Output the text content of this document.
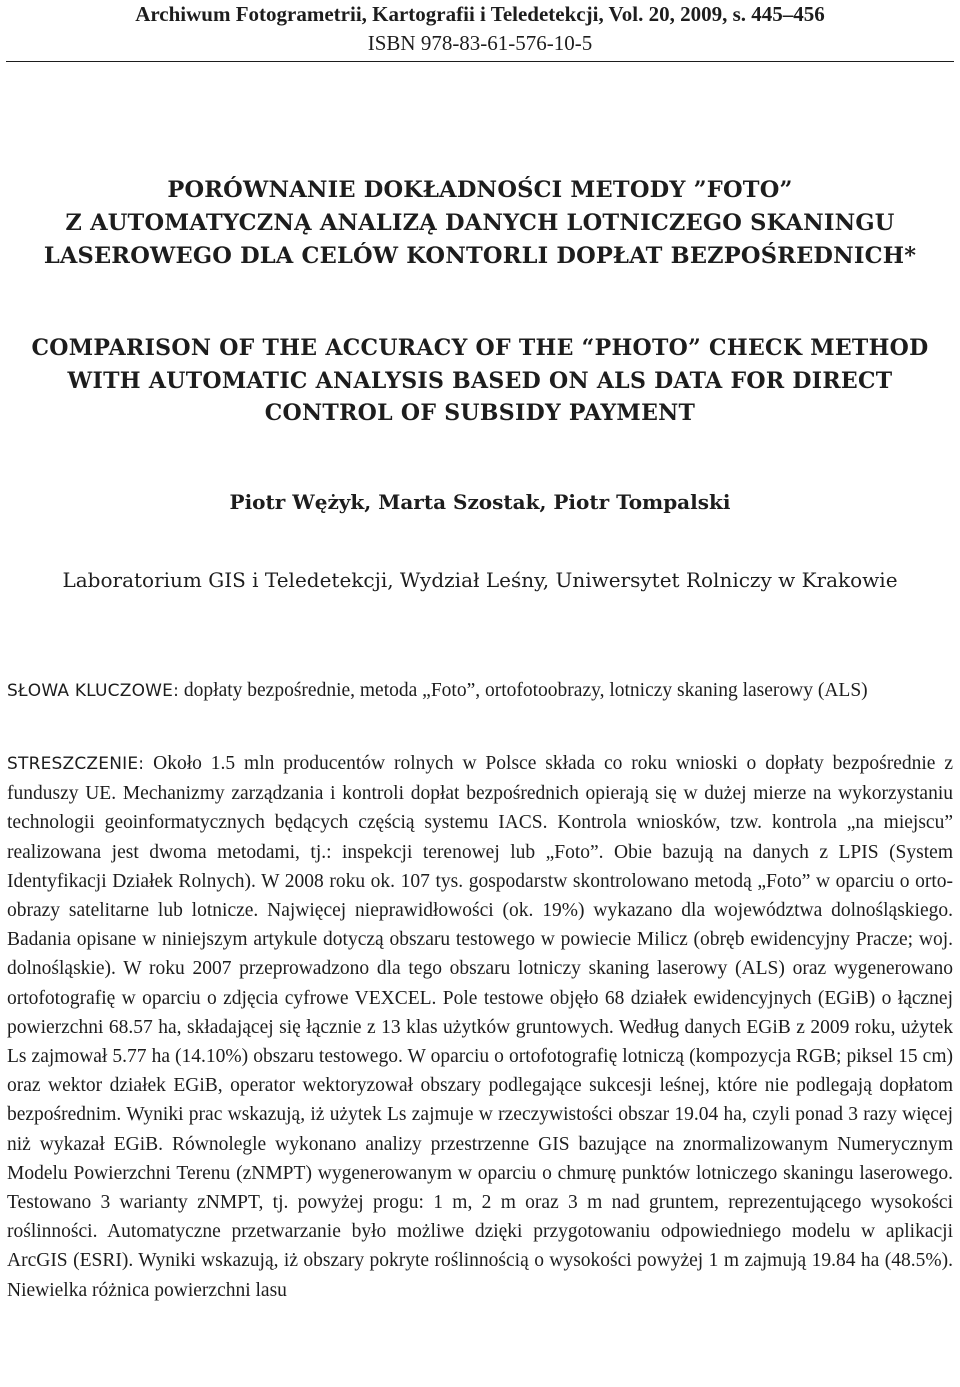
Archiwum Fotogrametrii, Kartografii i Teledetekcji, Vol. 20, 2009, s. 445–456
ISBN 978-83-61-576-10-5
PORÓWNANIE DOKŁADNOŚCI METODY ”FOTO”
Z AUTOMATYCZNĄ ANALIZĄ DANYCH LOTNICZEGO SKANINGU
LASEROWEGO DLA CELÓW KONTORLI DOPŁAT BEZPOŚREDNICH*
COMPARISON OF THE ACCURACY OF THE “PHOTO” CHECK METHOD
WITH AUTOMATIC ANALYSIS BASED ON ALS DATA FOR DIRECT
CONTROL OF SUBSIDY PAYMENT
Piotr Wężyk, Marta Szostak, Piotr Tompalski
Laboratorium GIS i Teledetekcji, Wydział Leśny, Uniwersytet Rolniczy w Krakowie
SŁOWA KLUCZOWE: dopłaty bezpośrednie, metoda „Foto”, ortofotoobrazy, lotniczy skaning laserowy (ALS)
STRESZCZENIE: Około 1.5 mln producentów rolnych w Polsce składa co roku wnioski o dopłaty bezpośrednie z funduszy UE. Mechanizmy zarządzania i kontroli dopłat bezpośrednich opierają się w dużej mierze na wykorzystaniu technologii geoinformatycznych będących częścią systemu IACS. Kontrola wniosków, tzw. kontrola „na miejscu” realizowana jest dwoma metodami, tj.: inspekcji terenowej lub „Foto”. Obie bazują na danych z LPIS (System Identyfikacji Działek Rolnych). W 2008 roku ok. 107 tys. gospodarstw skontrolowano metodą „Foto” w oparciu o ortoobrazy satelitarne lub lotnicze. Najwięcej nieprawidłowości (ok. 19%) wykazano dla województwa dolnośląskiego. Badania opisane w niniejszym artykule dotyczą obszaru testowego w powiecie Milicz (obręb ewidencyjny Pracze; woj. dolnośląskie). W roku 2007 przeprowadzono dla tego obszaru lotniczy skaning laserowy (ALS) oraz wygenerowano ortofotografię w oparciu o zdjęcia cyfrowe VEXCEL. Pole testowe objęło 68 działek ewidencyjnych (EGiB) o łącznej powierzchni 68.57 ha, składającej się łącznie z 13 klas użytków gruntowych. Według danych EGiB z 2009 roku, użytek Ls zajmował 5.77 ha (14.10%) obszaru testowego. W oparciu o ortofotografię lotniczą (kompozycja RGB; piksel 15 cm) oraz wektor działek EGiB, operator wektoryzował obszary podlegające sukcesji leśnej, które nie podlegają dopłatom bezpośrednim. Wyniki prac wskazują, iż użytek Ls zajmuje w rzeczywistości obszar 19.04 ha, czyli ponad 3 razy więcej niż wykazał EGiB. Równolegle wykonano analizy przestrzenne GIS bazujące na znormalizowanym Numerycznym Modelu Powierzchni Terenu (zNMPT) wygenerowanym w oparciu o chmurę punktów lotniczego skaningu laserowego. Testowano 3 warianty zNMPT, tj. powyżej progu: 1 m, 2 m oraz 3 m nad gruntem, reprezentującego wysokości roślinności. Automatyczne przetwarzanie było możliwe dzięki przygotowaniu odpowiedniego modelu w aplikacji ArcGIS (ESRI). Wyniki wskazują, iż obszary pokryte roślinnością o wysokości powyżej 1 m zajmują 19.84 ha (48.5%). Niewielka różnica powierzchni lasu
